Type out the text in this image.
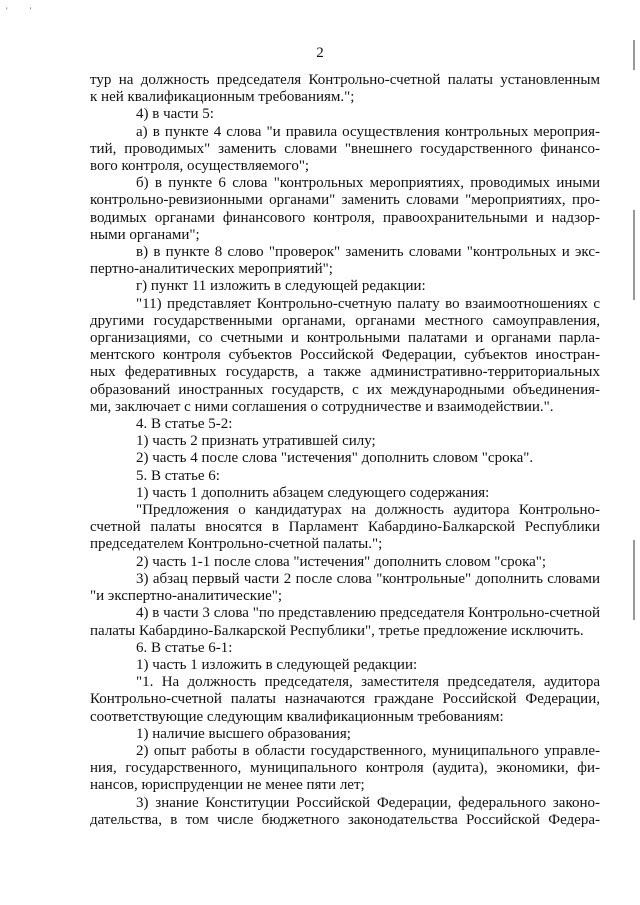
' '
2
тур на должность председателя Контрольно-счетной палаты установленным
к ней квалификационным требованиям.";
4) в части 5:
а) в пункте 4 слова "и правила осуществления контрольных мероприя-
тий, проводимых" заменить словами "внешнего государственного финансо-
вого контроля, осуществляемого";
б) в пункте 6 слова "контрольных мероприятиях, проводимых иными
контрольно-ревизионными органами" заменить словами "мероприятиях, про-
водимых органами финансового контроля, правоохранительными и надзор-
ными органами";
в) в пункте 8 слово "проверок" заменить словами "контрольных и экс-
пертно-аналитических мероприятий";
г) пункт 11 изложить в следующей редакции:
"11) представляет Контрольно-счетную палату во взаимоотношениях с
другими государственными органами, органами местного самоуправления,
организациями, со счетными и контрольными палатами и органами парла-
ментского контроля субъектов Российской Федерации, субъектов иностран-
ных федеративных государств, а также административно-территориальных
образований иностранных государств, с их международными объединения-
ми, заключает с ними соглашения о сотрудничестве и взаимодействии.".
4. В статье 5-2:
1) часть 2 признать утратившей силу;
2) часть 4 после слова "истечения" дополнить словом "срока".
5. В статье 6:
1) часть 1 дополнить абзацем следующего содержания:
"Предложения о кандидатурах на должность аудитора Контрольно-
счетной палаты вносятся в Парламент Кабардино-Балкарской Республики
председателем Контрольно-счетной палаты.";
2) часть 1-1 после слова "истечения" дополнить словом "срока";
3) абзац первый части 2 после слова "контрольные" дополнить словами
"и экспертно-аналитические";
4) в части 3 слова "по представлению председателя Контрольно-счетной
палаты Кабардино-Балкарской Республики", третье предложение исключить.
6. В статье 6-1:
1) часть 1 изложить в следующей редакции:
"1. На должность председателя, заместителя председателя, аудитора
Контрольно-счетной палаты назначаются граждане Российской Федерации,
соответствующие следующим квалификационным требованиям:
1) наличие высшего образования;
2) опыт работы в области государственного, муниципального управле-
ния, государственного, муниципального контроля (аудита), экономики, фи-
нансов, юриспруденции не менее пяти лет;
3) знание Конституции Российской Федерации, федерального законо-
дательства, в том числе бюджетного законодательства Российской Федера-
